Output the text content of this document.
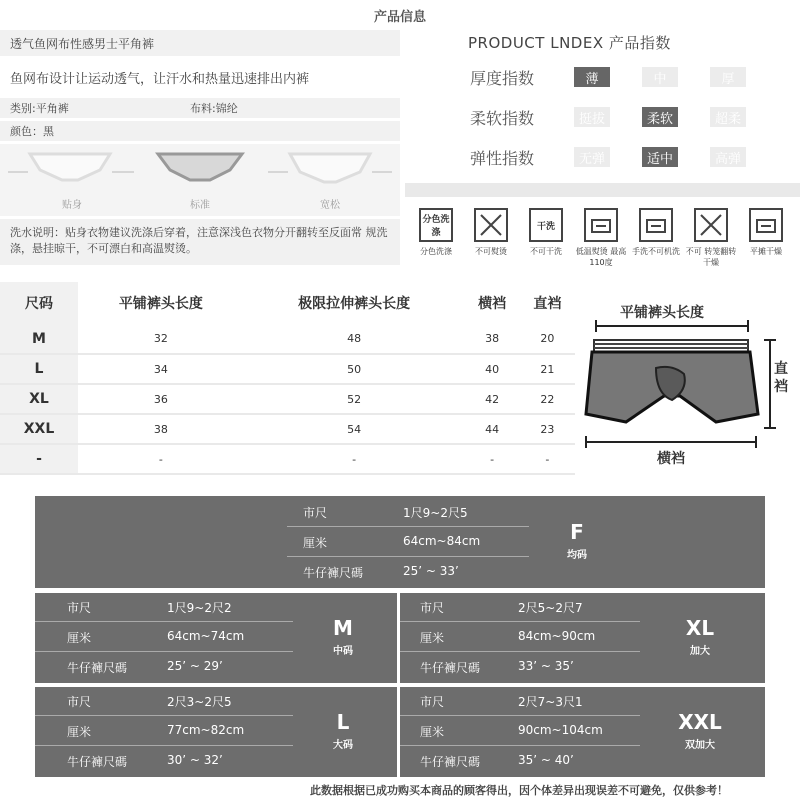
产品信息
透气鱼网布性感男士平角裤
鱼网布设计让运动透气，让汗水和热量迅速排出内裤
类别:平角裤	布料:锦纶
颜色：黑
贴身	标准	宽松
洗水说明：贴身衣物建议洗涤后穿着，注意深浅色衣物分开翻转至反面常 规洗涤，悬挂晾干，不可漂白和高温熨烫。
PRODUCT LNDEX 产品指数
厚度指数	薄	中	厚
柔软指数	挺拔	柔软	超柔
弹性指数	无弹	适中	高弹
分色洗涤
分色洗涤	不可熨烫
干洗
不可干洗	低温熨烫 最高110度
手洗不可机洗 不可 转笼翻转干燥
平摊干燥
尺码	平铺裤头长度	极限拉伸裤头长度	横裆	直裆
M	32	48	38	20
L	34	50	40	21
XL	36	52	42	22
XXL	38	54	44	23
-	-	-	-	-
平铺裤头长度
直裆
横裆
市尺	1尺9~2尺5
厘米	64cm~84cm
牛仔褲尺碼	25’ ~ 33’
F
均码
市尺	1尺9~2尺2
厘米	64cm~74cm
牛仔褲尺碼	25’ ~ 29’
M
中码
市尺	2尺5~2尺7
厘米	84cm~90cm
牛仔褲尺碼	33’ ~ 35’
XL
加大
市尺	2尺3~2尺5
厘米	77cm~82cm
牛仔褲尺碼	30’ ~ 32’
L
大码
市尺	2尺7~3尺1
厘米	90cm~104cm
牛仔褲尺碼	35’ ~ 40’
XXL
双加大
此数据根据已成功购买本商品的顾客得出，因个体差异出现误差不可避免，仅供参考！
